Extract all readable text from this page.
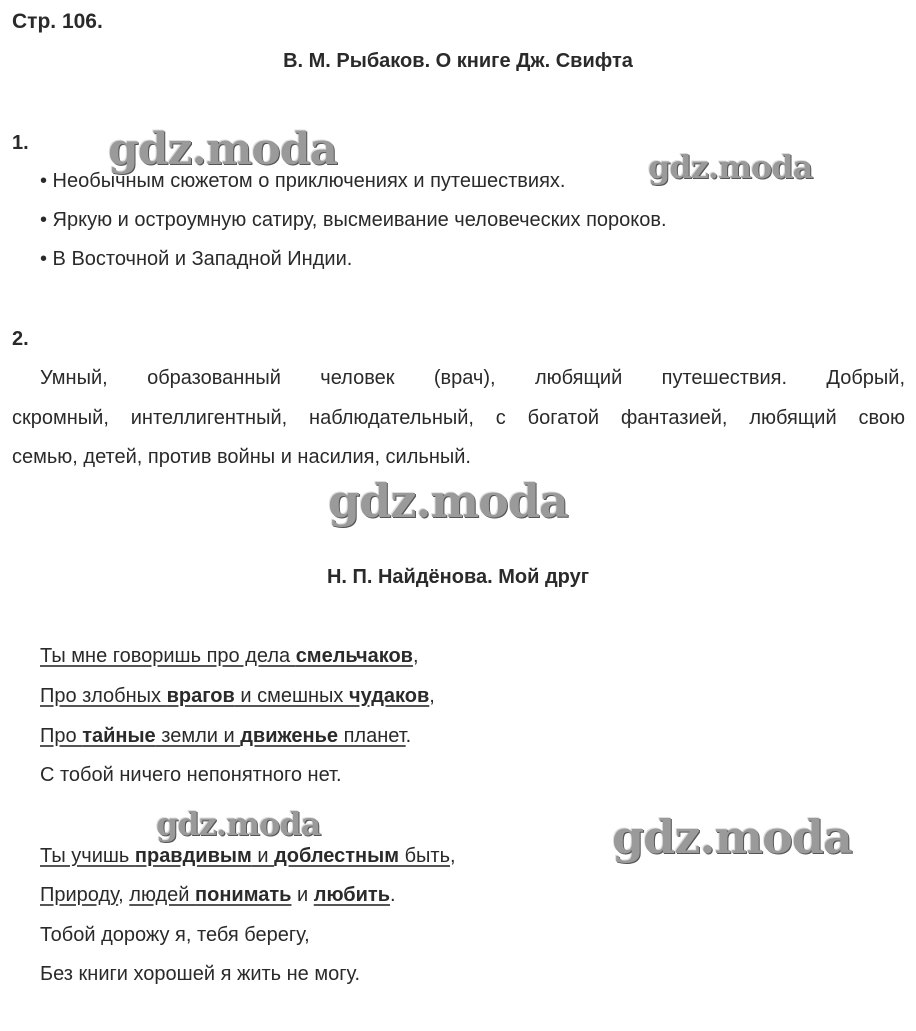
Стр. 106.
В. М. Рыбаков. О книге Дж. Свифта
1.
• Необычным сюжетом о приключениях и путешествиях.
• Яркую и остроумную сатиру, высмеивание человеческих пороков.
• В Восточной и Западной Индии.
2.
Умный, образованный человек (врач), любящий путешествия. Добрый,
скромный, интеллигентный, наблюдательный, с богатой фантазией, любящий свою
семью, детей, против войны и насилия, сильный.
Н. П. Найдёнова. Мой друг
Ты мне говоришь про дела смельчаков,
Про злобных врагов и смешных чудаков,
Про тайные земли и движенье планет.
С тобой ничего непонятного нет.
Ты учишь правдивым и доблестным быть,
Природу, людей понимать и любить.
Тобой дорожу я, тебя берегу,
Без книги хорошей я жить не могу.
gdz.moda	gdz.moda
gdz.moda
gdz.moda	gdz.moda
